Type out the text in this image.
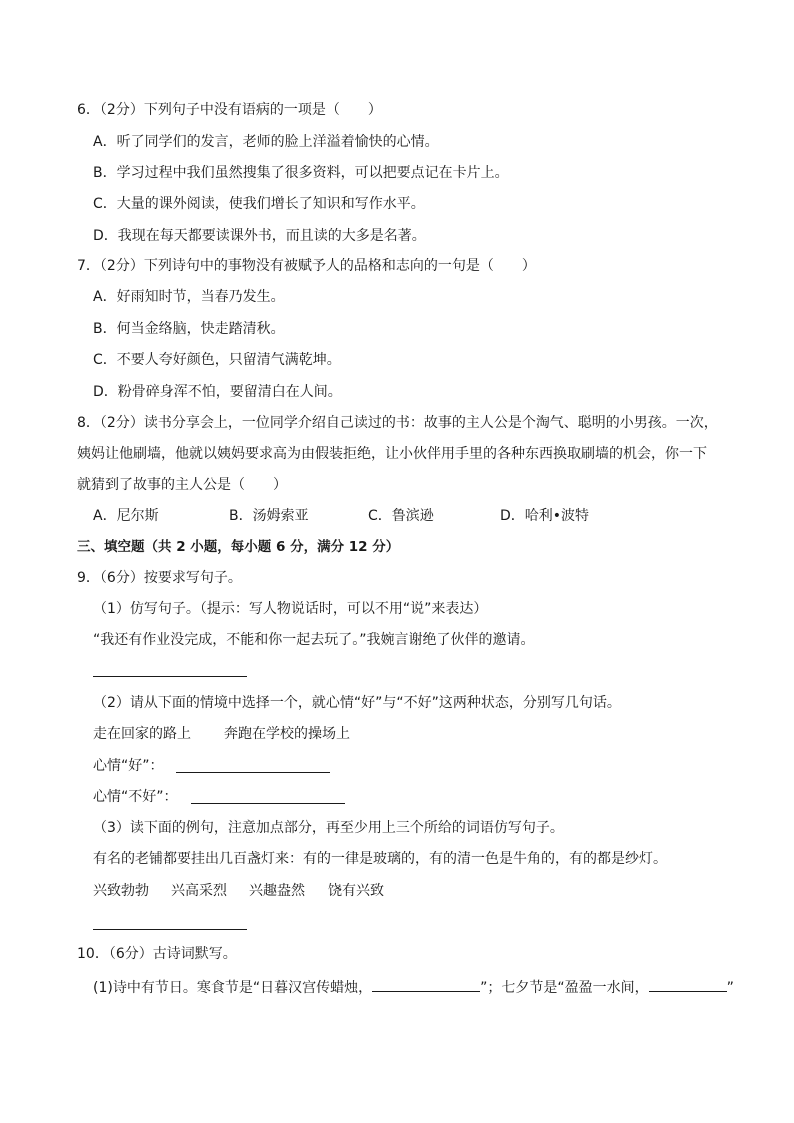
6．（2分）下列句子中没有语病的一项是（　　）
A．听了同学们的发言，老师的脸上洋溢着愉快的心情。
B．学习过程中我们虽然搜集了很多资料，可以把要点记在卡片上。
C．大量的课外阅读，使我们增长了知识和写作水平。
D．我现在每天都要读课外书，而且读的大多是名著。
7．（2分）下列诗句中的事物没有被赋予人的品格和志向的一句是（　　）
A．好雨知时节，当春乃发生。
B．何当金络脑，快走踏清秋。
C．不要人夸好颜色，只留清气满乾坤。
D．粉骨碎身浑不怕，要留清白在人间。
8．（2分）读书分享会上，一位同学介绍自己读过的书：故事的主人公是个淘气、聪明的小男孩。一次，
姨妈让他刷墙，他就以姨妈要求高为由假装拒绝，让小伙伴用手里的各种东西换取刷墙的机会，你一下
就猜到了故事的主人公是（　　）
A．尼尔斯	B．汤姆索亚	C．鲁滨逊	D．哈利•波特
三、填空题（共 2 小题，每小题 6 分，满分 12 分）
9．（6分）按要求写句子。
（1）仿写句子。（提示：写人物说话时，可以不用“说”来表达）
“我还有作业没完成，不能和你一起去玩了。”我婉言谢绝了伙伴的邀请。
（2）请从下面的情境中选择一个，就心情“好”与“不好”这两种状态，分别写几句话。
走在回家的路上 奔跑在学校的操场上
心情“好”：
心情“不好”：
（3）读下面的例句，注意加点部分，再至少用上三个所给的词语仿写句子。
有名的老铺都要挂出几百盏灯来：有的一律是玻璃的，有的清一色是牛角的，有的都是纱灯。
兴致勃勃 兴高采烈 兴趣盎然 饶有兴致
10．（6分）古诗词默写。
(1)诗中有节日。寒食节是“日暮汉宫传蜡烛，	”；七夕节是“盈盈一水间，	”
